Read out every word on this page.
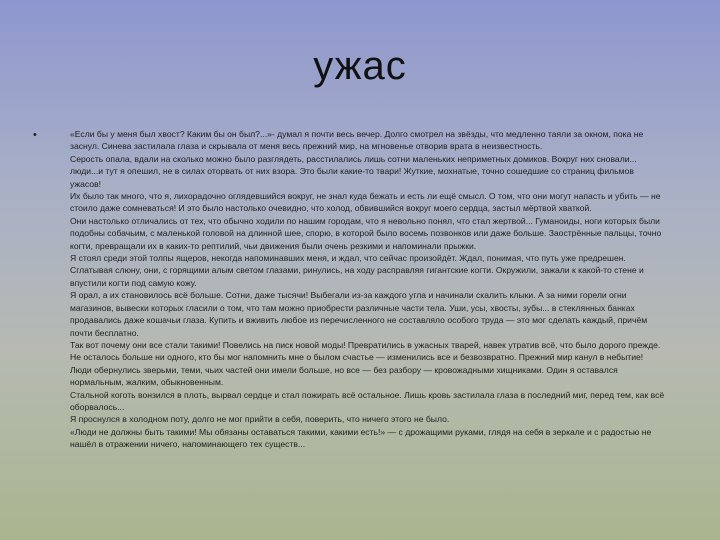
ужас
•	«Если бы у меня был хвост? Каким бы он был?...»- думал я почти весь вечер. Долго смотрел на звёзды, что медленно таяли за окном, пока не заснул. Синева застилала глаза и скрывала от меня весь прежний мир, на мгновенье отворив врата в неизвестность.

Серость опала, вдали на сколько можно было разглядеть, расстилались лишь сотни маленьких неприметных домиков. Вокруг них сновали... люди...и тут я опешил, не в силах оторвать от них взора. Это были какие-то твари! Жуткие, мохнатые, точно сошедшие со страниц фильмов ужасов!

Их было так много, что я, лихорадочно оглядевшийся вокруг, не знал куда бежать и есть ли ещё смысл. О том, что они могут напасть и убить — не стоило даже сомневаться! И это было настолько очевидно, что холод, обвившийся вокруг моего сердца, застыл мёртвой хваткой.

Они настолько отличались от тех, что обычно ходили по нашим городам, что я невольно понял, что стал жертвой... Гуманоиды, ноги которых были подобны собачьим, с маленькой головой на длинной шее, спорю, в которой было восемь позвонков или даже больше. Заострённые пальцы, точно когти, превращали их в каких-то рептилий, чьи движения были очень резкими и напоминали прыжки.

Я стоял среди этой толпы ящеров, некогда напоминавших меня, и ждал, что сейчас произойдёт. Ждал, понимая, что путь уже предрешен. Сглатывая слюну, они, с горящими алым светом глазами, ринулись, на ходу расправляя гигантские когти. Окружили, зажали к какой-то стене и впустили когти под самую кожу.

Я орал, а их становилось всё больше. Сотни, даже тысячи! Выбегали из-за каждого угла и начинали скалить клыки. А за ними горели огни магазинов, вывески которых гласили о том, что там можно приобрести различные части тела. Уши, усы, хвосты, зубы... в стеклянных банках продавались даже кошачьи глаза. Купить и вживить любое из перечисленного не составляло особого труда — это мог сделать каждый, причём почти бесплатно.

Так вот почему они все стали такими! Повелись на писк новой моды! Превратились в ужасных тварей, навек утратив всё, что было дорого прежде. Не осталось больше ни одного, кто бы мог напомнить мне о былом счастье — изменились все и безвозвратно. Прежний мир канул в небытие!

Люди обернулись зверьми, теми, чьих частей они имели больше, но все — без разбору — кровожадными хищниками. Один я оставался нормальным, жалким, обыкновенным.

Стальной коготь вонзился в плоть, вырвал сердце и стал пожирать всё остальное. Лишь кровь застилала глаза в последний миг, перед тем, как всё оборвалось...

Я проснулся в холодном поту, долго не мог прийти в себя, поверить, что ничего этого не было.

«Люди не должны быть такими! Мы обязаны оставаться такими, какими есть!» — с дрожащими руками, глядя на себя в зеркале и с радостью не нашёл в отражении ничего, напоминающего тех существ...
